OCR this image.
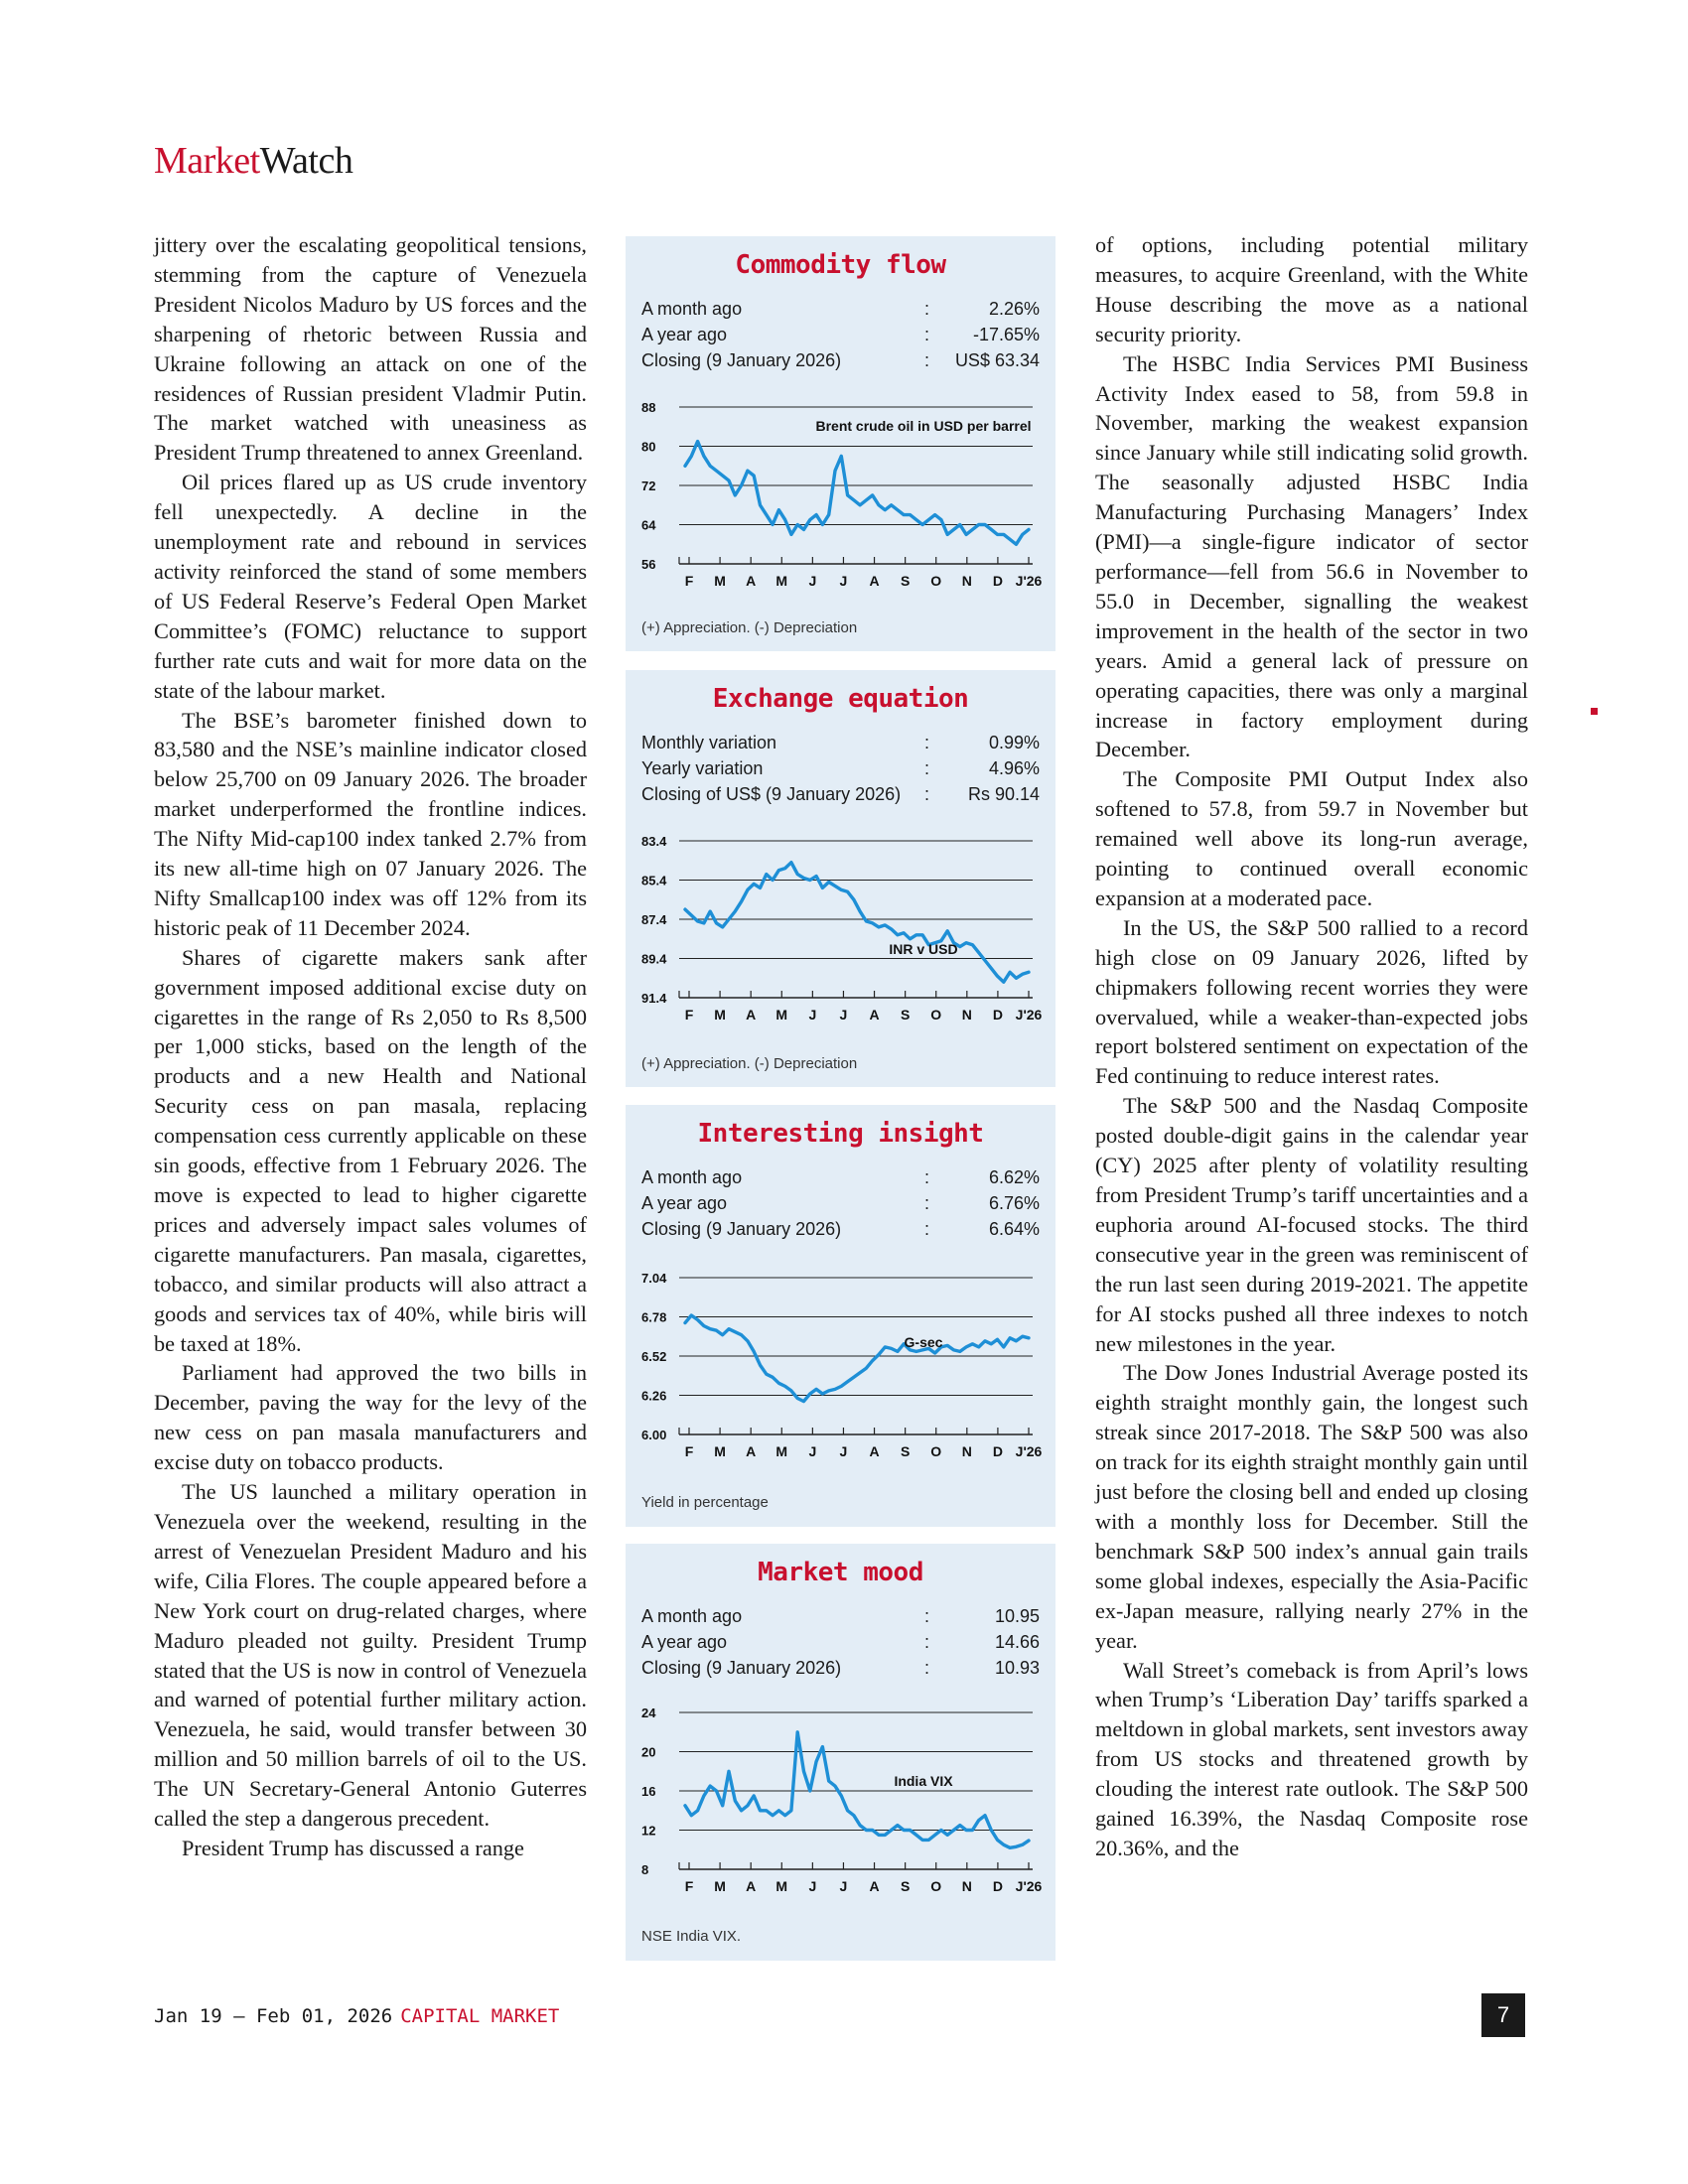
MarketWatch

jittery over the escalating geopolitical tensions, stemming from the capture of Venezuela President Nicolos Maduro by US forces and the sharpening of rhetoric between Russia and Ukraine following an attack on one of the residences of Russian president Vladmir Putin. The market watched with uneasiness as President Trump threatened to annex Greenland.

Oil prices flared up as US crude inventory fell unexpectedly. A decline in the unemployment rate and rebound in services activity reinforced the stand of some members of US Federal Reserve’s Federal Open Market Committee’s (FOMC) reluctance to support further rate cuts and wait for more data on the state of the labour market.

The BSE’s barometer finished down to 83,580 and the NSE’s mainline indicator closed below 25,700 on 09 January 2026. The broader market underperformed the frontline indices. The Nifty Mid-cap100 index tanked 2.7% from its new all-time high on 07 January 2026. The Nifty Smallcap100 index was off 12% from its historic peak of 11 December 2024.

Shares of cigarette makers sank after government imposed additional excise duty on cigarettes in the range of Rs 2,050 to Rs 8,500 per 1,000 sticks, based on the length of the products and a new Health and National Security cess on pan masala, replacing compensation cess currently applicable on these sin goods, effective from 1 February 2026. The move is expected to lead to higher cigarette prices and adversely impact sales volumes of cigarette manufacturers. Pan masala, cigarettes, tobacco, and similar products will also attract a goods and services tax of 40%, while biris will be taxed at 18%.

Parliament had approved the two bills in December, paving the way for the levy of the new cess on pan masala manufacturers and excise duty on tobacco products.

The US launched a military operation in Venezuela over the weekend, resulting in the arrest of Venezuelan President Maduro and his wife, Cilia Flores. The couple appeared before a New York court on drug-related charges, where Maduro pleaded not guilty. President Trump stated that the US is now in control of Venezuela and warned of potential further military action. Venezuela, he said, would transfer between 30 million and 50 million barrels of oil to the US. The UN Secretary-General Antonio Guterres called the step a dangerous precedent.

President Trump has discussed a range

of options, including potential military measures, to acquire Greenland, with the White House describing the move as a national security priority.

The HSBC India Services PMI Business Activity Index eased to 58, from 59.8 in November, marking the weakest expansion since January while still indicating solid growth. The seasonally adjusted HSBC India Manufacturing Purchasing Managers’ Index (PMI)—a single-figure indicator of sector performance—fell from 56.6 in November to 55.0 in December, signalling the weakest improvement in the health of the sector in two years. Amid a general lack of pressure on operating capacities, there was only a marginal increase in factory employment during December.

The Composite PMI Output Index also softened to 57.8, from 59.7 in November but remained well above its long-run average, pointing to continued overall economic expansion at a moderated pace.

In the US, the S&P 500 rallied to a record high close on 09 January 2026, lifted by chipmakers following recent worries they were overvalued, while a weaker-than-expected jobs report bolstered sentiment on expectation of the Fed continuing to reduce interest rates.

The S&P 500 and the Nasdaq Composite posted double-digit gains in the calendar year (CY) 2025 after plenty of volatility resulting from President Trump’s tariff uncertainties and a euphoria around AI-focused stocks. The third consecutive year in the green was reminiscent of the run last seen during 2019-2021. The appetite for AI stocks pushed all three indexes to notch new milestones in the year.

The Dow Jones Industrial Average posted its eighth straight monthly gain, the longest such streak since 2017-2018. The S&P 500 was also on track for its eighth straight monthly gain until just before the closing bell and ended up closing with a monthly loss for December. Still the benchmark S&P 500 index’s annual gain trails some global indexes, especially the Asia-Pacific ex-Japan measure, rallying nearly 27% in the year.

Wall Street’s comeback is from April’s lows when Trump’s ‘Liberation Day’ tariffs sparked a meltdown in global markets, sent investors away from US stocks and threatened growth by clouding the interest rate outlook. The S&P 500 gained 16.39%, the Nasdaq Composite rose 20.36%, and the

Commodity flow
A month ago	:	2.26%
A year ago	:	-17.65%
Closing (9 January 2026)	:	US$ 63.34
88
80
72
64
56
F M A M J J A S O N D J'26
Brent crude oil in USD per barrel
(+) Appreciation. (-) Depreciation
Exchange equation
Monthly variation	:	0.99%
Yearly variation	:	4.96%
Closing of US$ (9 January 2026)	:	Rs 90.14
83.4
85.4
87.4
89.4
91.4
F M A M J J A S O N D J'26
INR v USD
(+) Appreciation. (-) Depreciation
Interesting insight
A month ago	:	6.62%
A year ago	:	6.76%
Closing (9 January 2026)	:	6.64%
7.04
6.78
6.52
6.26
6.00
F M A M J J A S O N D J'26
G-sec
Yield in percentage
Market mood
A month ago	:	10.95
A year ago	:	14.66
Closing (9 January 2026)	:	10.93
24
20
16
12
8
F M A M J J A S O N D J'26
India VIX
NSE India VIX.
Jan 19 – Feb 01, 2026 CAPITAL MARKET	7
